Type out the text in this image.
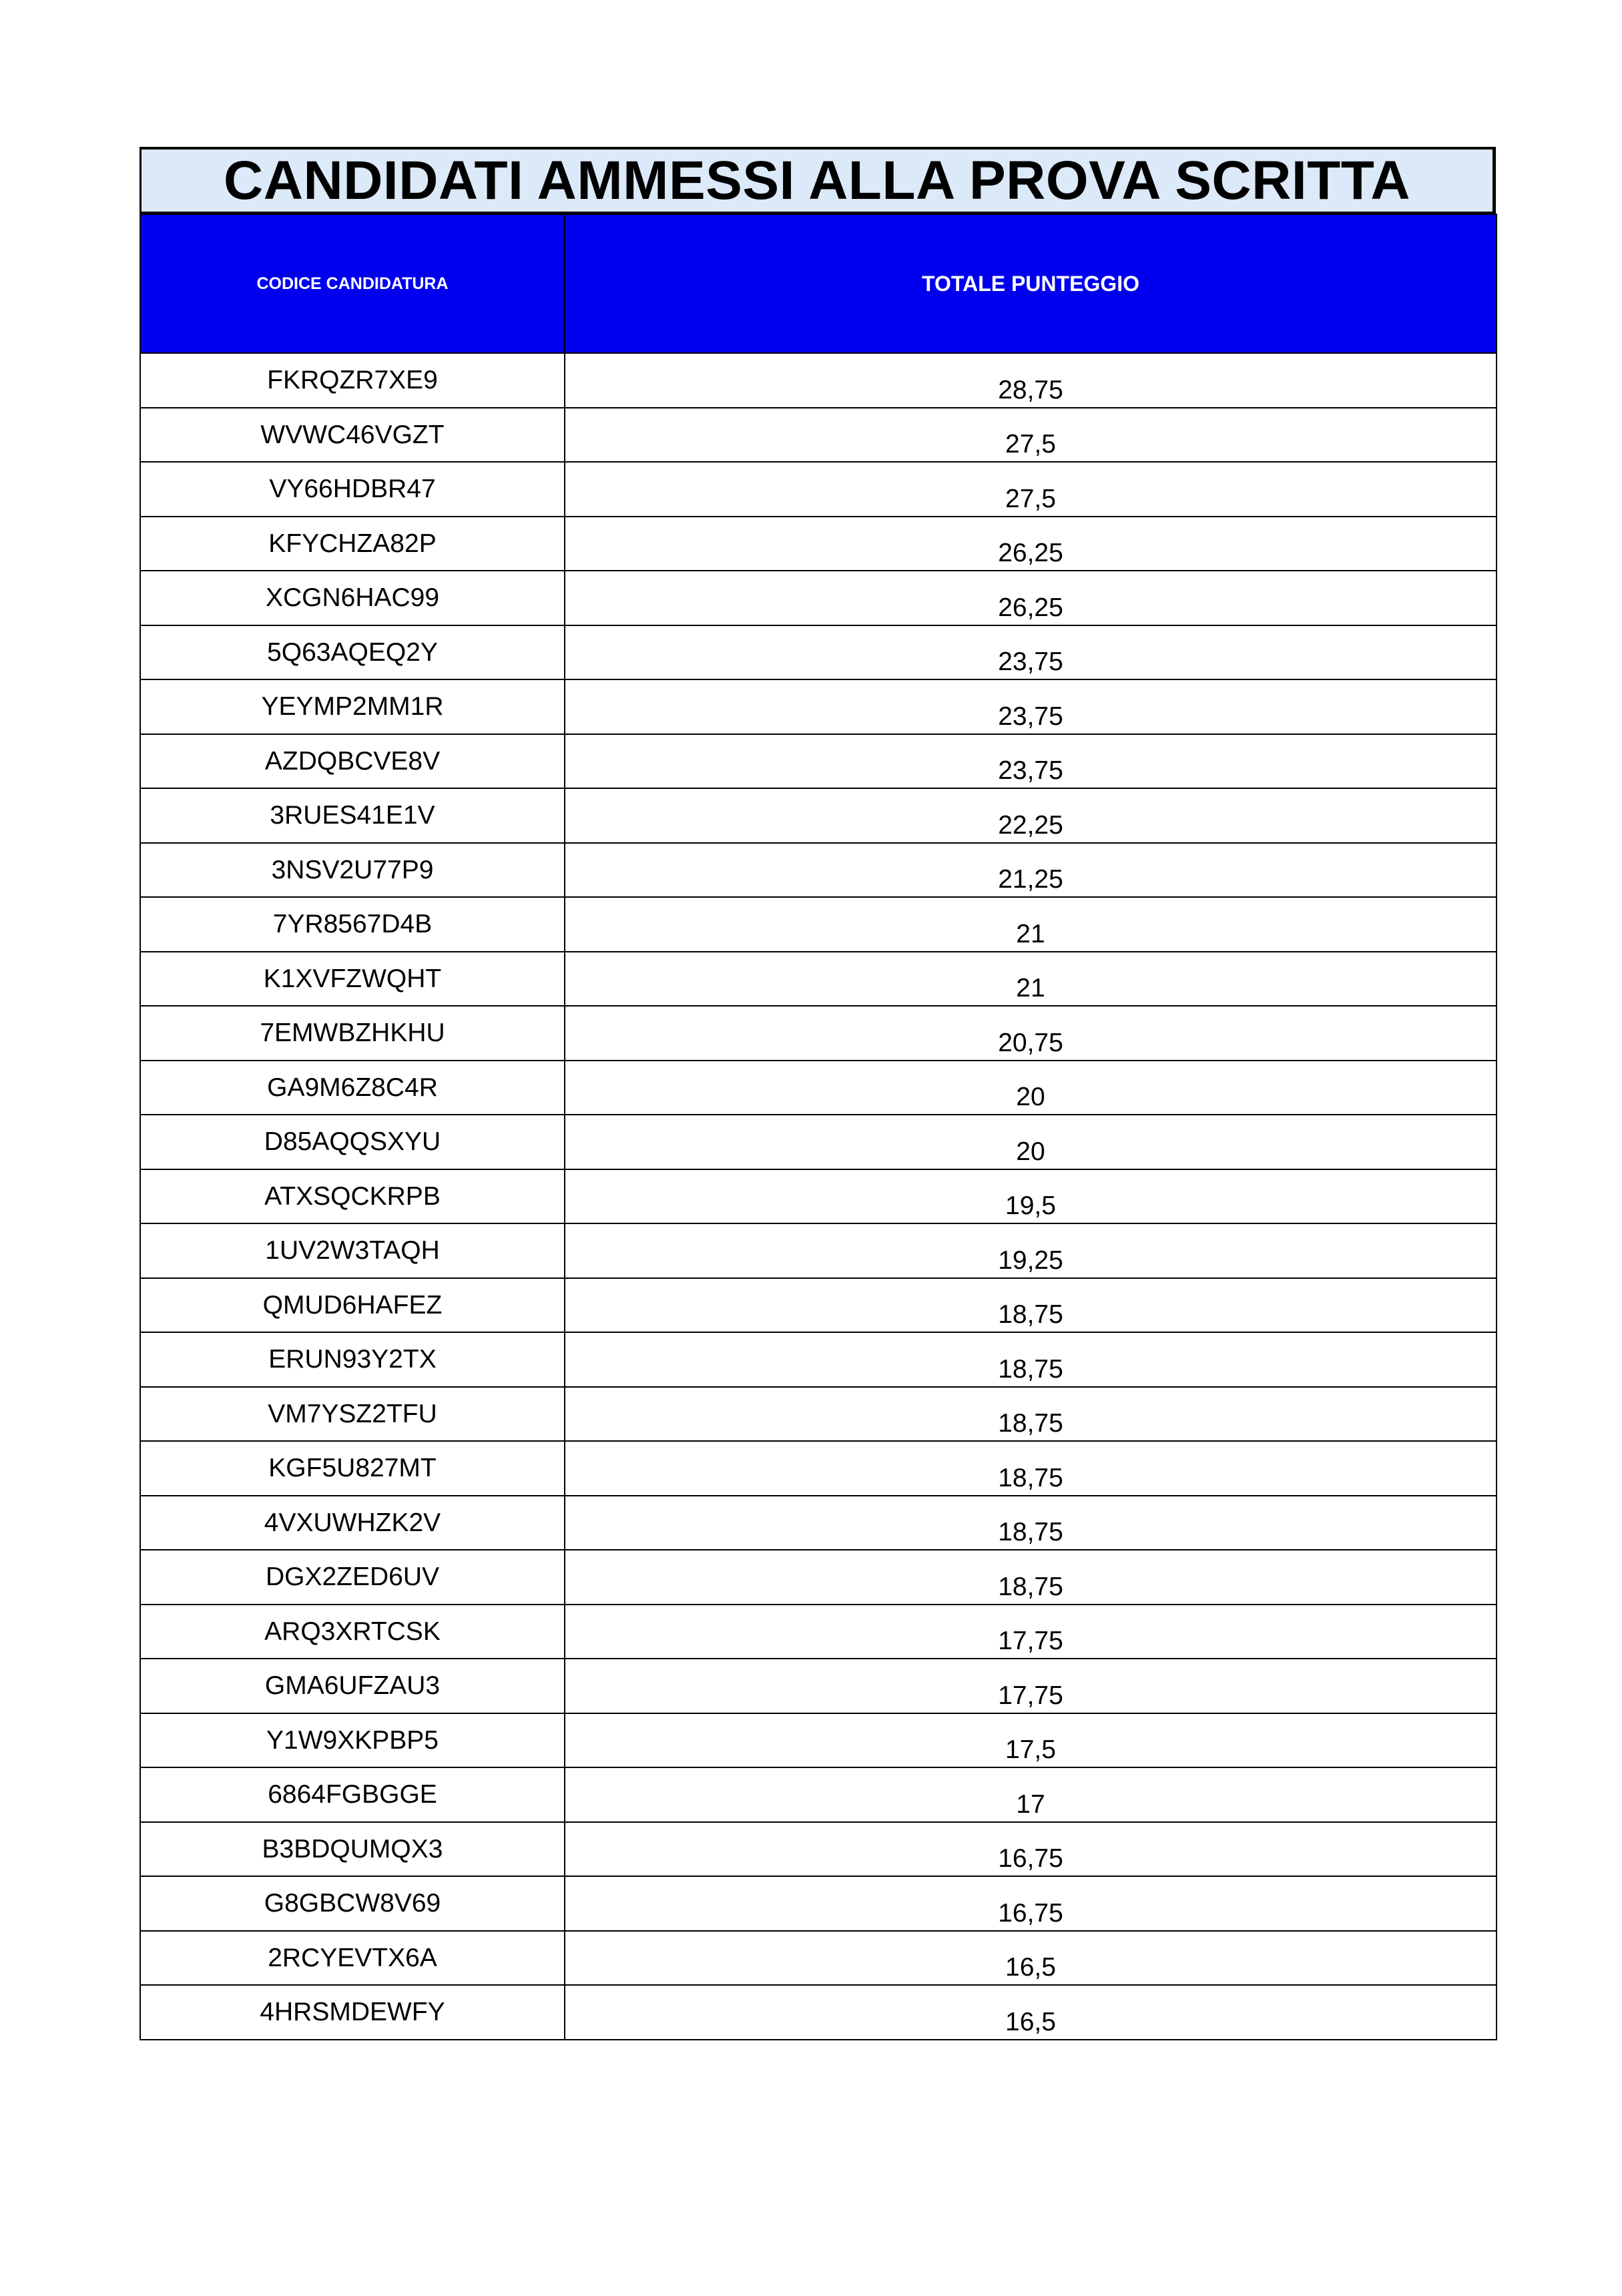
CANDIDATI AMMESSI ALLA PROVA SCRITTA
CODICE CANDIDATURA	TOTALE PUNTEGGIO
FKRQZR7XE9	28,75
WVWC46VGZT	27,5
VY66HDBR47	27,5
KFYCHZA82P	26,25
XCGN6HAC99	26,25
5Q63AQEQ2Y	23,75
YEYMP2MM1R	23,75
AZDQBCVE8V	23,75
3RUES41E1V	22,25
3NSV2U77P9	21,25
7YR8567D4B	21
K1XVFZWQHT	21
7EMWBZHKHU	20,75
GA9M6Z8C4R	20
D85AQQSXYU	20
ATXSQCKRPB	19,5
1UV2W3TAQH	19,25
QMUD6HAFEZ	18,75
ERUN93Y2TX	18,75
VM7YSZ2TFU	18,75
KGF5U827MT	18,75
4VXUWHZK2V	18,75
DGX2ZED6UV	18,75
ARQ3XRTCSK	17,75
GMA6UFZAU3	17,75
Y1W9XKPBP5	17,5
6864FGBGGE	17
B3BDQUMQX3	16,75
G8GBCW8V69	16,75
2RCYEVTX6A	16,5
4HRSMDEWFY	16,5
